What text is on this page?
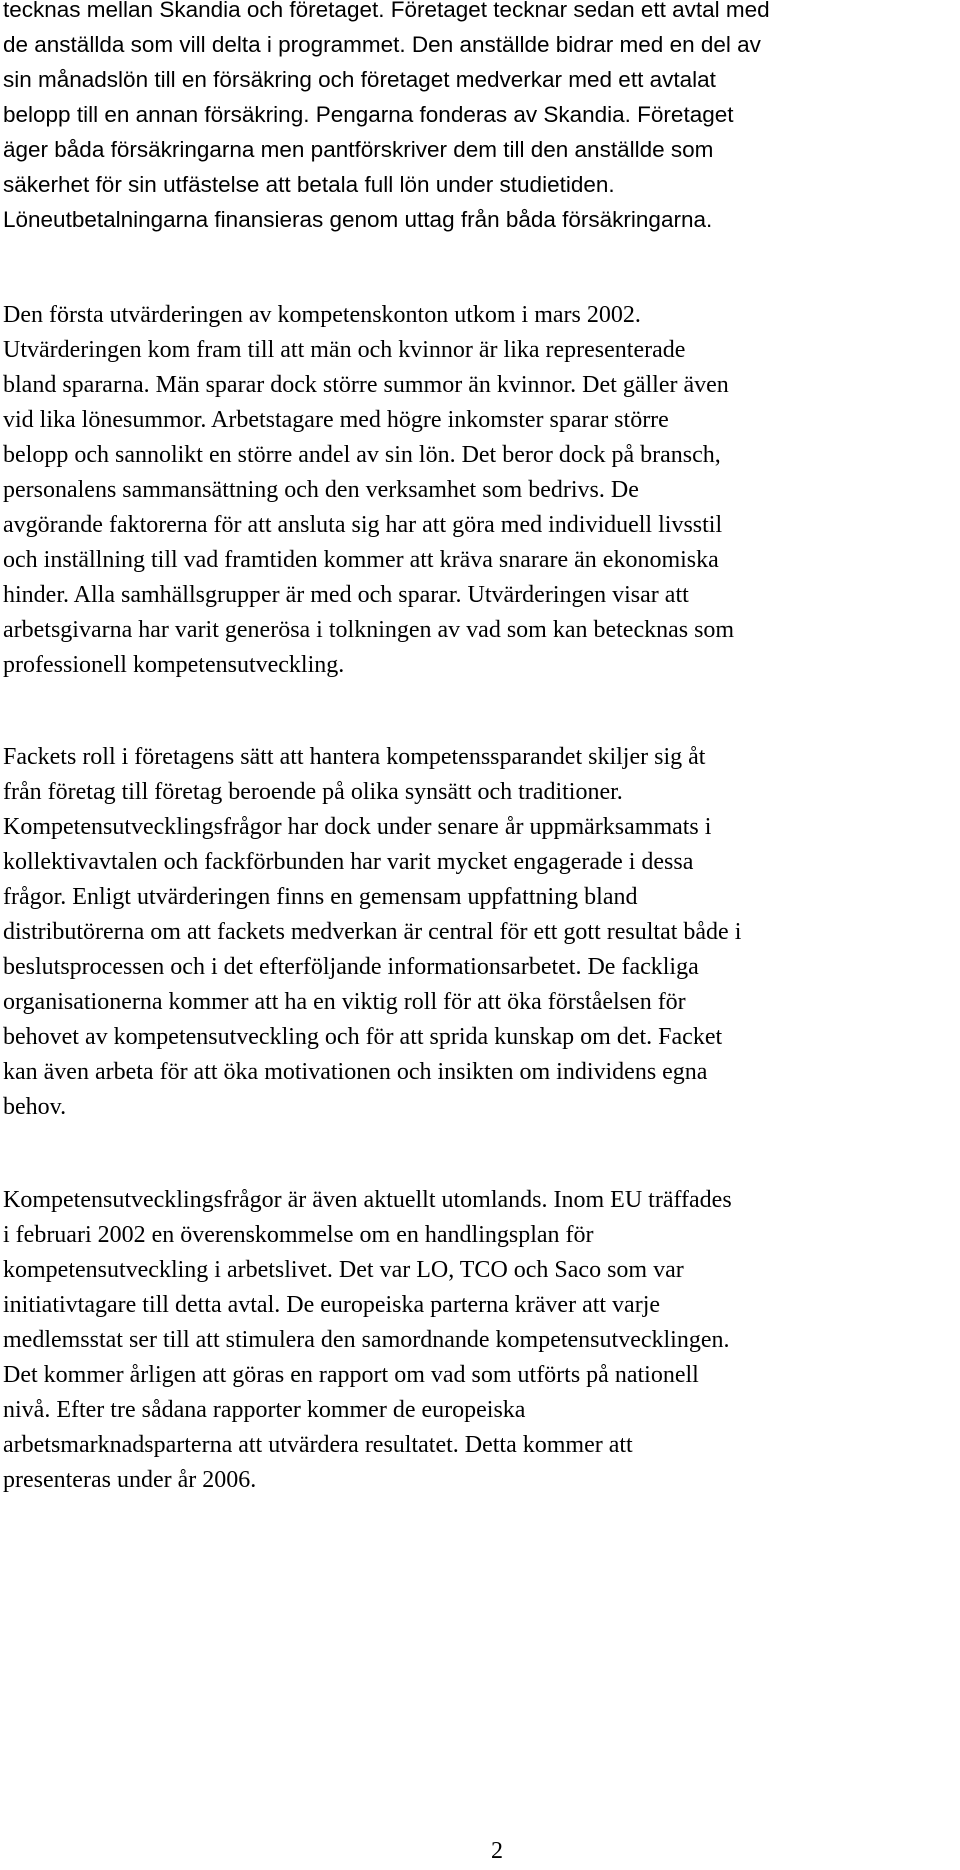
tecknas mellan Skandia och företaget. Företaget tecknar sedan ett avtal med
de anställda som vill delta i programmet. Den anställde bidrar med en del av
sin månadslön till en försäkring och företaget medverkar med ett avtalat
belopp till en annan försäkring. Pengarna fonderas av Skandia. Företaget
äger båda försäkringarna men pantförskriver dem till den anställde som
säkerhet för sin utfästelse att betala full lön under studietiden.
Löneutbetalningarna finansieras genom uttag från båda försäkringarna.

Den första utvärderingen av kompetenskonton utkom i mars 2002.
Utvärderingen kom fram till att män och kvinnor är lika representerade
bland spararna. Män sparar dock större summor än kvinnor. Det gäller även
vid lika lönesummor. Arbetstagare med högre inkomster sparar större
belopp och sannolikt en större andel av sin lön. Det beror dock på bransch,
personalens sammansättning och den verksamhet som bedrivs. De
avgörande faktorerna för att ansluta sig har att göra med individuell livsstil
och inställning till vad framtiden kommer att kräva snarare än ekonomiska
hinder. Alla samhällsgrupper är med och sparar. Utvärderingen visar att
arbetsgivarna har varit generösa i tolkningen av vad som kan betecknas som
professionell kompetensutveckling.

Fackets roll i företagens sätt att hantera kompetenssparandet skiljer sig åt
från företag till företag beroende på olika synsätt och traditioner.
Kompetensutvecklingsfrågor har dock under senare år uppmärksammats i
kollektivavtalen och fackförbunden har varit mycket engagerade i dessa
frågor. Enligt utvärderingen finns en gemensam uppfattning bland
distributörerna om att fackets medverkan är central för ett gott resultat både i
beslutsprocessen och i det efterföljande informationsarbetet. De fackliga
organisationerna kommer att ha en viktig roll för att öka förståelsen för
behovet av kompetensutveckling och för att sprida kunskap om det. Facket
kan även arbeta för att öka motivationen och insikten om individens egna
behov.

Kompetensutvecklingsfrågor är även aktuellt utomlands. Inom EU träffades
i februari 2002 en överenskommelse om en handlingsplan för
kompetensutveckling i arbetslivet. Det var LO, TCO och Saco som var
initiativtagare till detta avtal. De europeiska parterna kräver att varje
medlemsstat ser till att stimulera den samordnande kompetensutvecklingen.
Det kommer årligen att göras en rapport om vad som utförts på nationell
nivå. Efter tre sådana rapporter kommer de europeiska
arbetsmarknadsparterna att utvärdera resultatet. Detta kommer att
presenteras under år 2006.

2
